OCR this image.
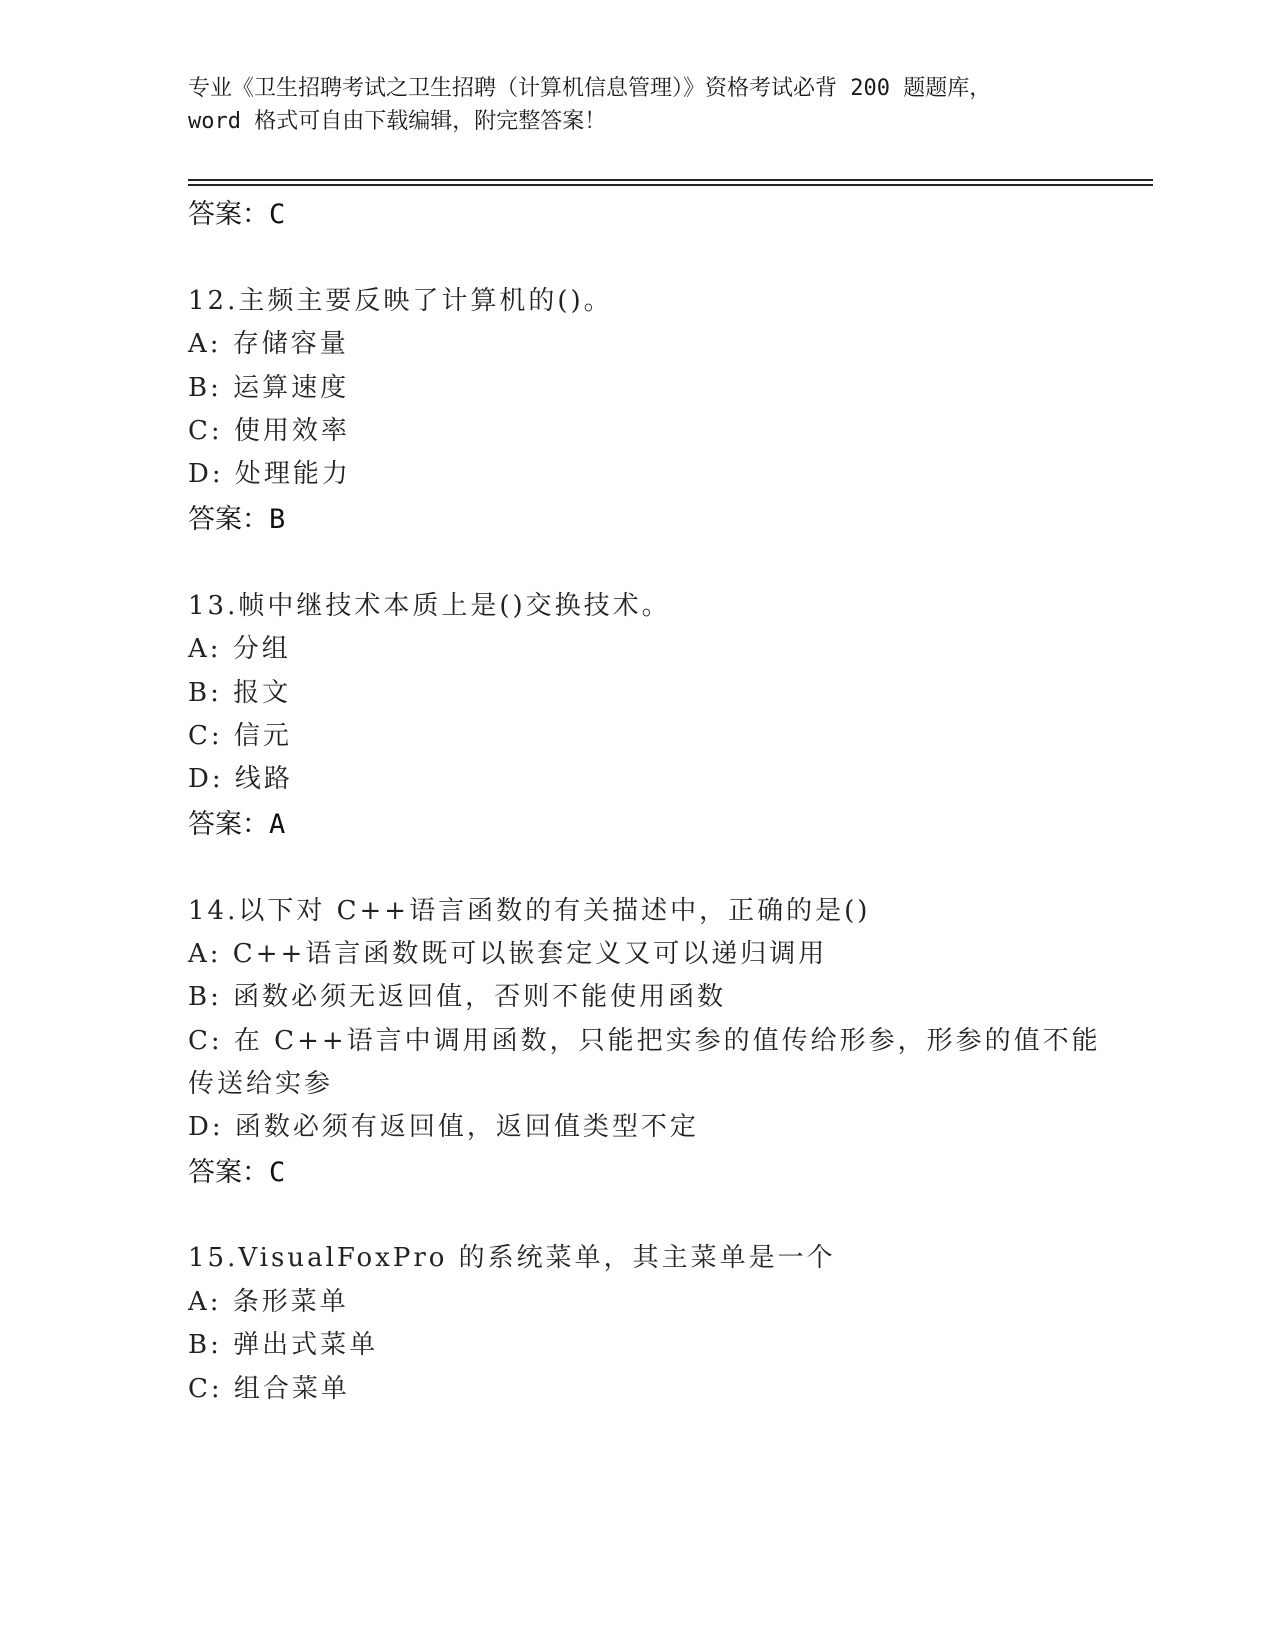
专业《卫生招聘考试之卫生招聘（计算机信息管理）》资格考试必背 200 题题库，
word 格式可自由下载编辑，附完整答案！
答案：C
12.主频主要反映了计算机的()。
A: 存储容量
B: 运算速度
C: 使用效率
D: 处理能力
答案：B
13.帧中继技术本质上是()交换技术。
A: 分组
B: 报文
C: 信元
D: 线路
答案：A
14.以下对 C++语言函数的有关描述中，正确的是()
A: C++语言函数既可以嵌套定义又可以递归调用
B: 函数必须无返回值，否则不能使用函数
C: 在 C++语言中调用函数，只能把实参的值传给形参，形参的值不能
传送给实参
D: 函数必须有返回值，返回值类型不定
答案：C
15.VisualFoxPro 的系统菜单，其主菜单是一个
A: 条形菜单
B: 弹出式菜单
C: 组合菜单
